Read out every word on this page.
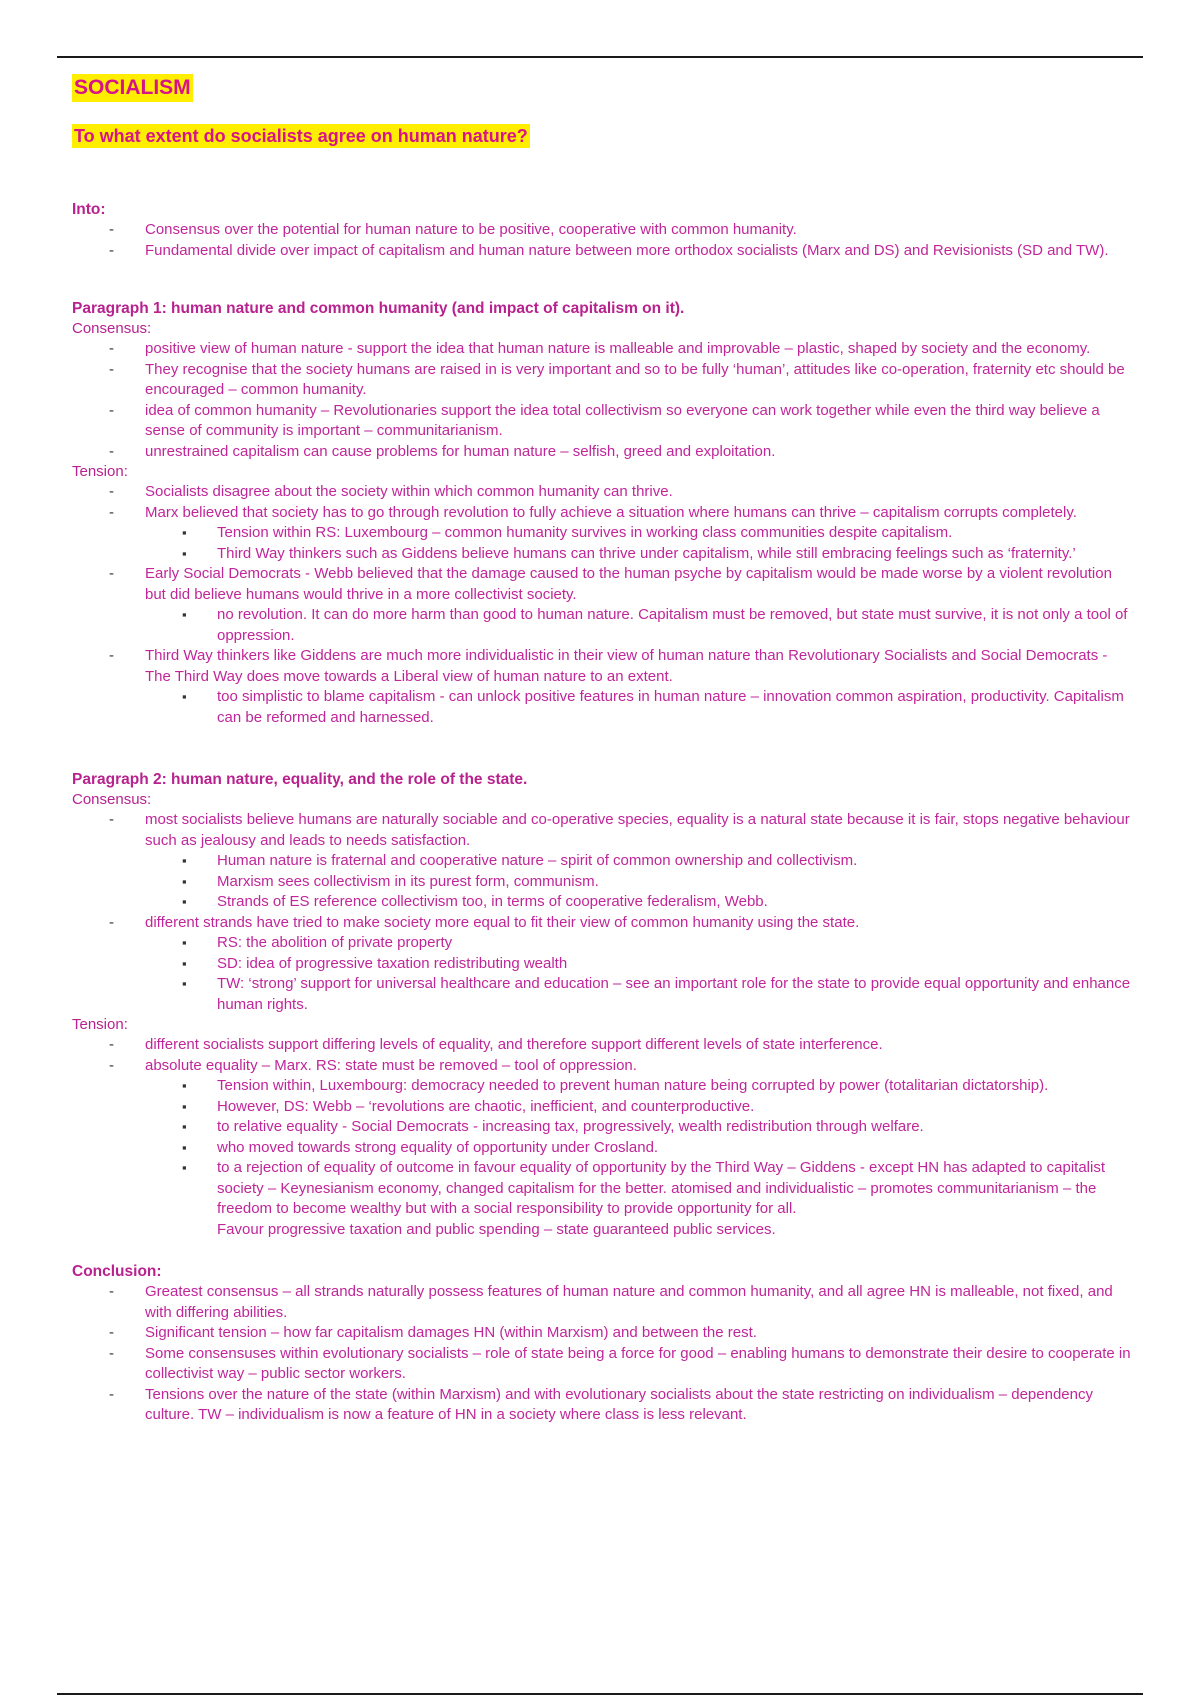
SOCIALISM
To what extent do socialists agree on human nature?
Into:
- Consensus over the potential for human nature to be positive, cooperative with common humanity.
- Fundamental divide over impact of capitalism and human nature between more orthodox socialists (Marx and DS) and Revisionists (SD and TW).
Paragraph 1: human nature and common humanity (and impact of capitalism on it).
Consensus:
- positive view of human nature - support the idea that human nature is malleable and improvable – plastic, shaped by society and the economy.
- They recognise that the society humans are raised in is very important and so to be fully ‘human’, attitudes like co-operation, fraternity etc should be encouraged – common humanity.
- idea of common humanity – Revolutionaries support the idea total collectivism so everyone can work together while even the third way believe a sense of community is important – communitarianism.
- unrestrained capitalism can cause problems for human nature – selfish, greed and exploitation.
Tension:
- Socialists disagree about the society within which common humanity can thrive.
- Marx believed that society has to go through revolution to fully achieve a situation where humans can thrive – capitalism corrupts completely.
▪ Tension within RS: Luxembourg – common humanity survives in working class communities despite capitalism.
▪ Third Way thinkers such as Giddens believe humans can thrive under capitalism, while still embracing feelings such as ‘fraternity.’
- Early Social Democrats - Webb believed that the damage caused to the human psyche by capitalism would be made worse by a violent revolution but did believe humans would thrive in a more collectivist society.
▪ no revolution. It can do more harm than good to human nature. Capitalism must be removed, but state must survive, it is not only a tool of oppression.
- Third Way thinkers like Giddens are much more individualistic in their view of human nature than Revolutionary Socialists and Social Democrats - The Third Way does move towards a Liberal view of human nature to an extent.
▪ too simplistic to blame capitalism - can unlock positive features in human nature – innovation common aspiration, productivity. Capitalism can be reformed and harnessed.
Paragraph 2: human nature, equality, and the role of the state.
Consensus:
- most socialists believe humans are naturally sociable and co-operative species, equality is a natural state because it is fair, stops negative behaviour such as jealousy and leads to needs satisfaction.
▪ Human nature is fraternal and cooperative nature – spirit of common ownership and collectivism.
▪ Marxism sees collectivism in its purest form, communism.
▪ Strands of ES reference collectivism too, in terms of cooperative federalism, Webb.
- different strands have tried to make society more equal to fit their view of common humanity using the state.
▪ RS: the abolition of private property
▪ SD: idea of progressive taxation redistributing wealth
▪ TW: ‘strong’ support for universal healthcare and education – see an important role for the state to provide equal opportunity and enhance human rights.
Tension:
- different socialists support differing levels of equality, and therefore support different levels of state interference.
- absolute equality – Marx. RS: state must be removed – tool of oppression.
▪ Tension within, Luxembourg: democracy needed to prevent human nature being corrupted by power (totalitarian dictatorship).
▪ However, DS: Webb – ‘revolutions are chaotic, inefficient, and counterproductive.
▪ to relative equality - Social Democrats - increasing tax, progressively, wealth redistribution through welfare.
▪ who moved towards strong equality of opportunity under Crosland.
▪ to a rejection of equality of outcome in favour equality of opportunity by the Third Way – Giddens - except HN has adapted to capitalist society – Keynesianism economy, changed capitalism for the better. atomised and individualistic – promotes communitarianism – the freedom to become wealthy but with a social responsibility to provide opportunity for all.
Favour progressive taxation and public spending – state guaranteed public services.
Conclusion:
- Greatest consensus – all strands naturally possess features of human nature and common humanity, and all agree HN is malleable, not fixed, and with differing abilities.
- Significant tension – how far capitalism damages HN (within Marxism) and between the rest.
- Some consensuses within evolutionary socialists – role of state being a force for good – enabling humans to demonstrate their desire to cooperate in collectivist way – public sector workers.
- Tensions over the nature of the state (within Marxism) and with evolutionary socialists about the state restricting on individualism – dependency culture. TW – individualism is now a feature of HN in a society where class is less relevant.
